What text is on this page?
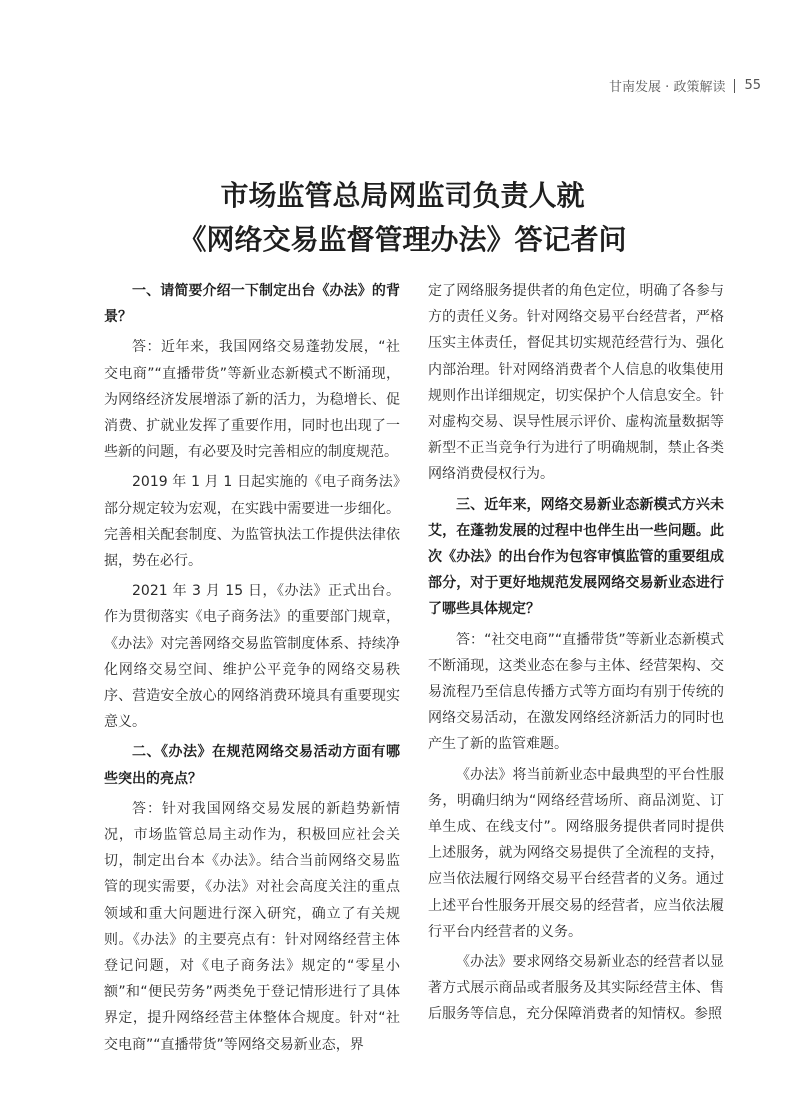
甘南发展 · 政策解读 55
市场监管总局网监司负责人就
《网络交易监督管理办法》答记者问

一、请简要介绍一下制定出台《办法》的背景？

答：近年来，我国网络交易蓬勃发展，“社交电商”“直播带货”等新业态新模式不断涌现，为网络经济发展增添了新的活力，为稳增长、促消费、扩就业发挥了重要作用，同时也出现了一些新的问题，有必要及时完善相应的制度规范。

2019 年 1 月 1 日起实施的《电子商务法》部分规定较为宏观，在实践中需要进一步细化。完善相关配套制度、为监管执法工作提供法律依据，势在必行。

2021 年 3 月 15 日，《办法》正式出台。作为贯彻落实《电子商务法》的重要部门规章，《办法》对完善网络交易监管制度体系、持续净化网络交易空间、维护公平竞争的网络交易秩序、营造安全放心的网络消费环境具有重要现实意义。

二、《办法》在规范网络交易活动方面有哪些突出的亮点？

答：针对我国网络交易发展的新趋势新情况，市场监管总局主动作为，积极回应社会关切，制定出台本《办法》。结合当前网络交易监管的现实需要，《办法》对社会高度关注的重点领域和重大问题进行深入研究，确立了有关规则。《办法》的主要亮点有：针对网络经营主体登记问题，对《电子商务法》规定的“零星小额”和“便民劳务”两类免于登记情形进行了具体界定，提升网络经营主体整体合规度。针对“社交电商”“直播带货”等网络交易新业态，界

定了网络服务提供者的角色定位，明确了各参与方的责任义务。针对网络交易平台经营者，严格压实主体责任，督促其切实规范经营行为、强化内部治理。针对网络消费者个人信息的收集使用规则作出详细规定，切实保护个人信息安全。针对虚构交易、误导性展示评价、虚构流量数据等新型不正当竞争行为进行了明确规制，禁止各类网络消费侵权行为。

三、近年来，网络交易新业态新模式方兴未艾，在蓬勃发展的过程中也伴生出一些问题。此次《办法》的出台作为包容审慎监管的重要组成部分，对于更好地规范发展网络交易新业态进行了哪些具体规定？

答：“社交电商”“直播带货”等新业态新模式不断涌现，这类业态在参与主体、经营架构、交易流程乃至信息传播方式等方面均有别于传统的网络交易活动，在激发网络经济新活力的同时也产生了新的监管难题。

《办法》将当前新业态中最典型的平台性服务，明确归纳为“网络经营场所、商品浏览、订单生成、在线支付”。网络服务提供者同时提供上述服务，就为网络交易提供了全流程的支持，应当依法履行网络交易平台经营者的义务。通过上述平台性服务开展交易的经营者，应当依法履行平台内经营者的义务。

《办法》要求网络交易新业态的经营者以显著方式展示商品或者服务及其实际经营主体、售后服务等信息，充分保障消费者的知情权。参照
